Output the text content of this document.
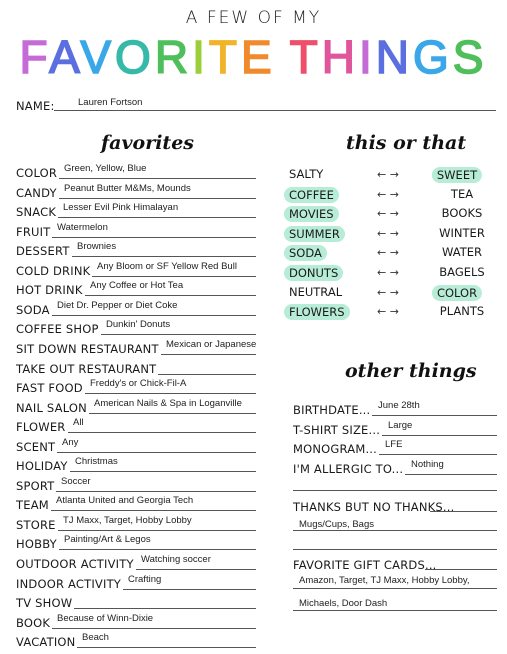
A FEW OF MY
FAVORITE THINGS
NAME: Lauren Fortson
favorites
COLOR Green, Yellow, Blue
CANDY Peanut Butter M&Ms, Mounds
SNACK Lesser Evil Pink Himalayan
FRUIT Watermelon
DESSERT Brownies
COLD DRINK Any Bloom or SF Yellow Red Bull
HOT DRINK Any Coffee or Hot Tea
SODA Diet Dr. Pepper or Diet Coke
COFFEE SHOP Dunkin' Donuts
SIT DOWN RESTAURANT Mexican or Japanese
TAKE OUT RESTAURANT
FAST FOOD Freddy's or Chick-Fil-A
NAIL SALON American Nails & Spa in Loganville
FLOWER All
SCENT Any
HOLIDAY Christmas
SPORT Soccer
TEAM Atlanta United and Georgia Tech
STORE TJ Maxx, Target, Hobby Lobby
HOBBY Painting/Art & Legos
OUTDOOR ACTIVITY Watching soccer
INDOOR ACTIVITY Crafting
TV SHOW
BOOK Because of Winn-Dixie
VACATION Beach
this or that
SALTY	← →	SWEET
COFFEE	← →	TEA
MOVIES	← →	BOOKS
SUMMER	← →	WINTER
SODA	← →	WATER
DONUTS	← →	BAGELS
NEUTRAL	← →	COLOR
FLOWERS	← →	PLANTS
other things
BIRTHDATE... June 28th
T-SHIRT SIZE... Large
MONOGRAM... LFE
I'M ALLERGIC TO... Nothing
THANKS BUT NO THANKS...
Mugs/Cups, Bags
FAVORITE GIFT CARDS...
Amazon, Target, TJ Maxx, Hobby Lobby,
Michaels, Door Dash
